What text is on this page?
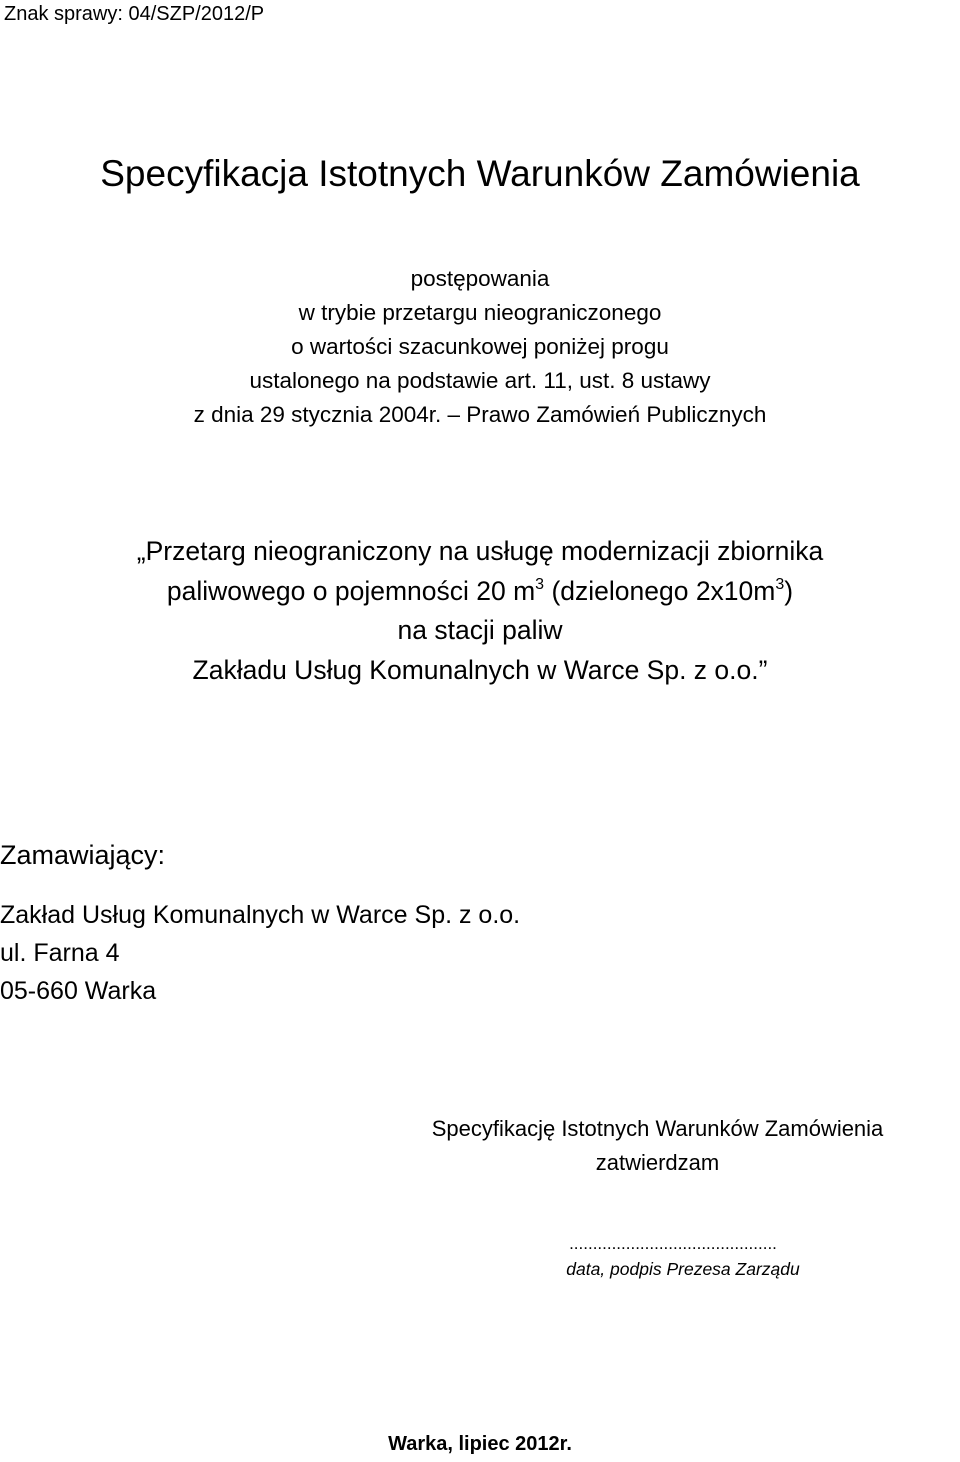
Znak sprawy: 04/SZP/2012/P
Specyfikacja Istotnych Warunków Zamówienia
postępowania
w trybie przetargu nieograniczonego
o wartości szacunkowej poniżej progu
ustalonego na podstawie art. 11, ust. 8 ustawy
z dnia 29 stycznia 2004r. – Prawo Zamówień Publicznych
„Przetarg nieograniczony na usługę modernizacji zbiornika
paliwowego o pojemności 20 $m^3$ (dzielonego $2x10m^3$)
na stacji paliw
Zakładu Usług Komunalnych w Warce Sp. z o.o.”
Zamawiający:
Zakład Usług Komunalnych w Warce Sp. z o.o.
ul. Farna 4
05-660 Warka
Specyfikację Istotnych Warunków Zamówienia
zatwierdzam
............................................
data, podpis Prezesa Zarządu
Warka, lipiec 2012r.
